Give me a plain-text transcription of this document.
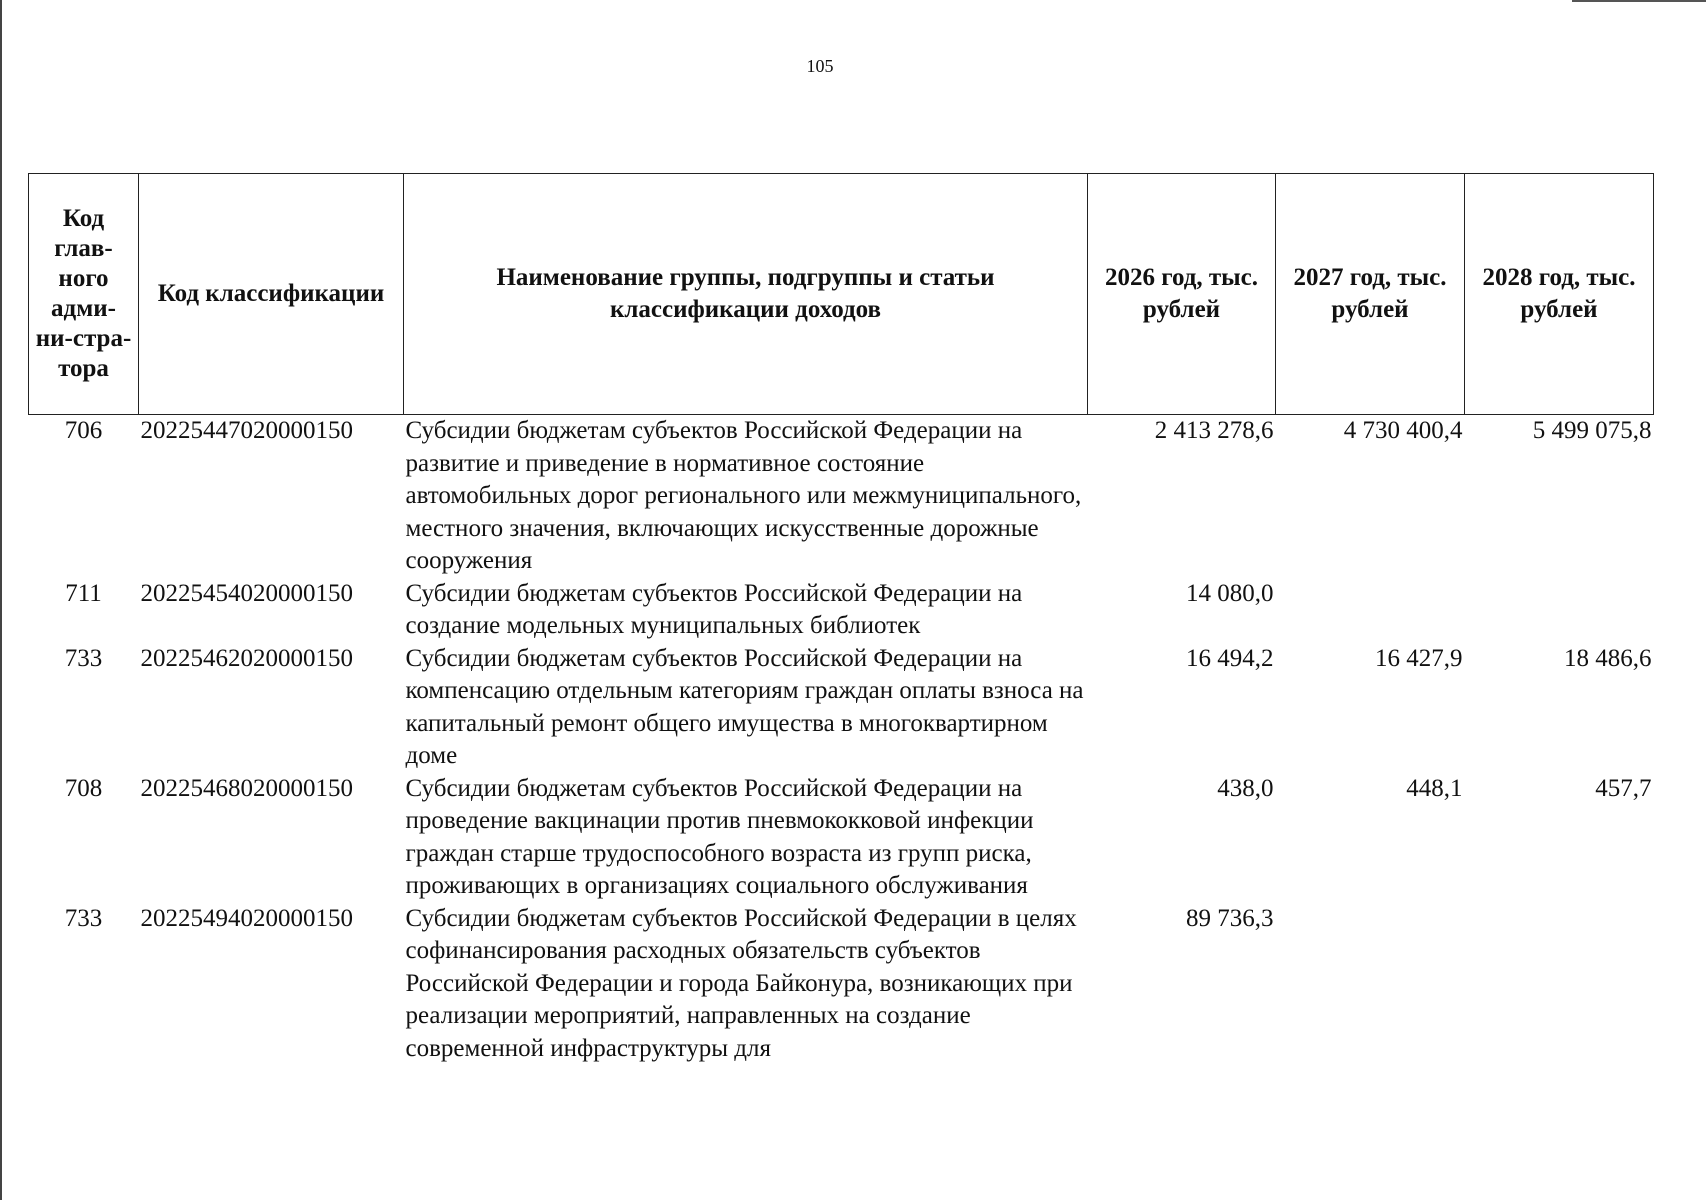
105
Код глав-ного адми-ни-стра-тора	Код классификации	Наименование группы, подгруппы и статьи классификации доходов	2026 год, тыс. рублей	2027 год, тыс. рублей	2028 год, тыс. рублей
706	20225447020000150	Субсидии бюджетам субъектов Российской Федерации на развитие и приведение в нормативное состояние автомобильных дорог регионального или межмуниципального, местного значения, включающих искусственные дорожные сооружения	2 413 278,6	4 730 400,4	5 499 075,8
711	20225454020000150	Субсидии бюджетам субъектов Российской Федерации на создание модельных муниципальных библиотек	14 080,0		
733	20225462020000150	Субсидии бюджетам субъектов Российской Федерации на компенсацию отдельным категориям граждан оплаты взноса на капитальный ремонт общего имущества в многоквартирном доме	16 494,2	16 427,9	18 486,6
708	20225468020000150	Субсидии бюджетам субъектов Российской Федерации на проведение вакцинации против пневмококковой инфекции граждан старше трудоспособного возраста из групп риска, проживающих в организациях социального обслуживания	438,0	448,1	457,7
733	20225494020000150	Субсидии бюджетам субъектов Российской Федерации в целях софинансирования расходных обязательств субъектов Российской Федерации и города Байконура, возникающих при реализации мероприятий, направленных на создание современной инфраструктуры для	89 736,3		
